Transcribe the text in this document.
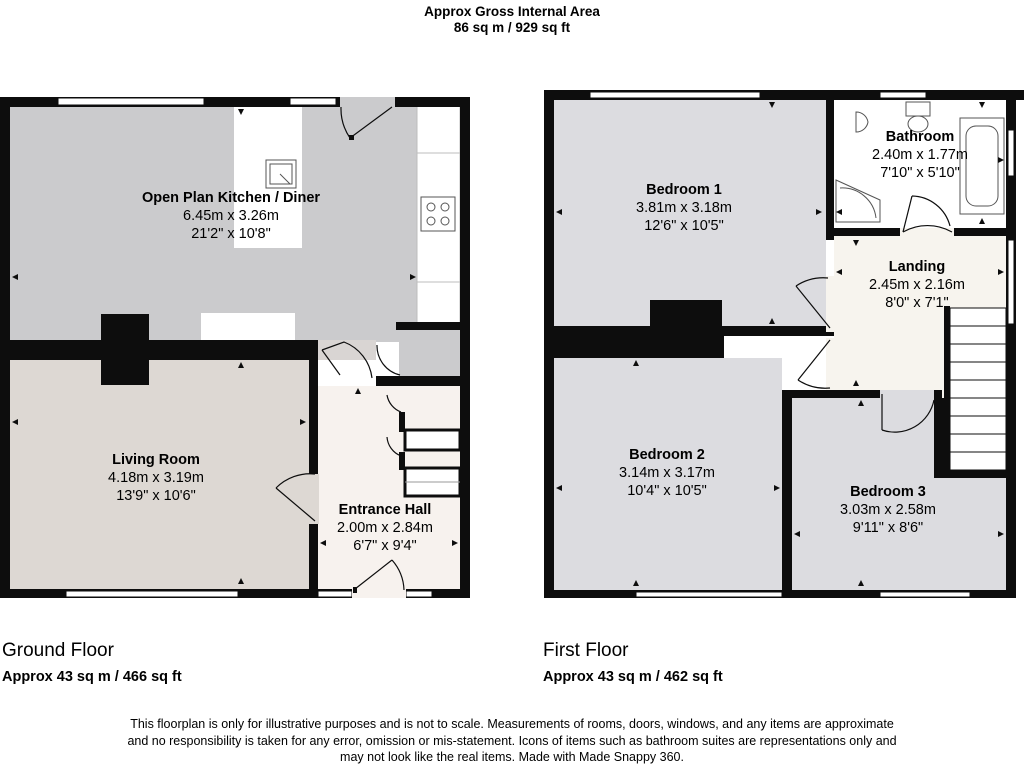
Approx Gross Internal Area
86 sq m / 929 sq ft
Open Plan Kitchen / Diner
6.45m x 3.26m
21'2" x 10'8"
Living Room
4.18m x 3.19m
13'9" x 10'6"
Entrance Hall
2.00m x 2.84m
6'7" x 9'4"
Bedroom 1
3.81m x 3.18m
12'6" x 10'5"
Bathroom
2.40m x 1.77m
7'10" x 5'10"
Landing
2.45m x 2.16m
8'0" x 7'1"
Bedroom 2
3.14m x 3.17m
10'4" x 10'5"	Bedroom 3
3.03m x 2.58m
9'11" x 8'6"
Ground Floor
Approx 43 sq m / 466 sq ft
First Floor
Approx 43 sq m / 462 sq ft
This floorplan is only for illustrative purposes and is not to scale. Measurements of rooms, doors, windows, and any items are approximate
and no responsibility is taken for any error, omission or mis-statement. Icons of items such as bathroom suites are representations only and
may not look like the real items. Made with Made Snappy 360.
